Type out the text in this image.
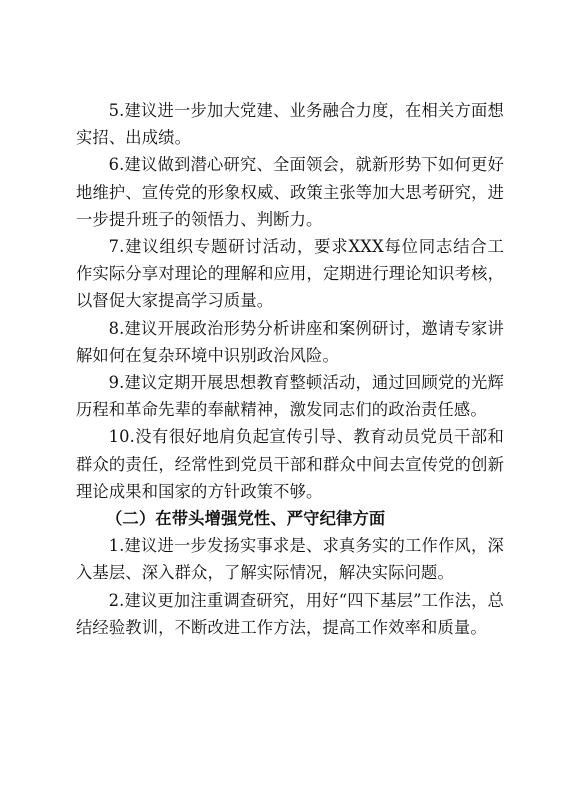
5.建议进一步加大党建、业务融合力度，在相关方面想实招、出成绩。

6.建议做到潜心研究、全面领会，就新形势下如何更好地维护、宣传党的形象权威、政策主张等加大思考研究，进一步提升班子的领悟力、判断力。

7.建议组织专题研讨活动，要求XXX每位同志结合工作实际分享对理论的理解和应用，定期进行理论知识考核，以督促大家提高学习质量。

8.建议开展政治形势分析讲座和案例研讨，邀请专家讲解如何在复杂环境中识别政治风险。

9.建议定期开展思想教育整顿活动，通过回顾党的光辉历程和革命先辈的奉献精神，激发同志们的政治责任感。

10.没有很好地肩负起宣传引导、教育动员党员干部和群众的责任，经常性到党员干部和群众中间去宣传党的创新理论成果和国家的方针政策不够。

（二）在带头增强党性、严守纪律方面

1.建议进一步发扬实事求是、求真务实的工作作风，深入基层、深入群众，了解实际情况，解决实际问题。

2.建议更加注重调查研究，用好“四下基层”工作法，总结经验教训，不断改进工作方法，提高工作效率和质量。
